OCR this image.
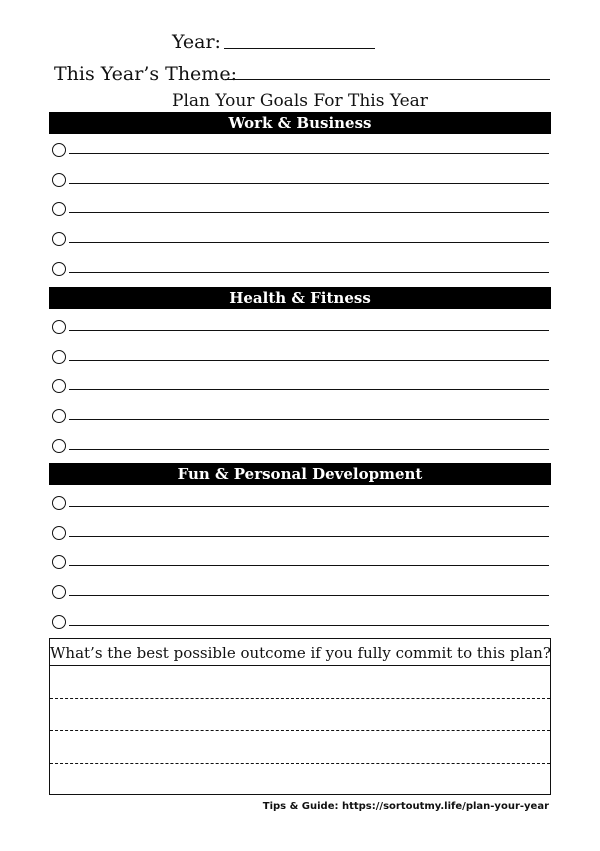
Year:
This Year’s Theme:
Plan Your Goals For This Year
Work & Business
Health & Fitness
Fun & Personal Development
What’s the best possible outcome if you fully commit to this plan?
Tips & Guide: https://sortoutmy.life/plan-your-year
